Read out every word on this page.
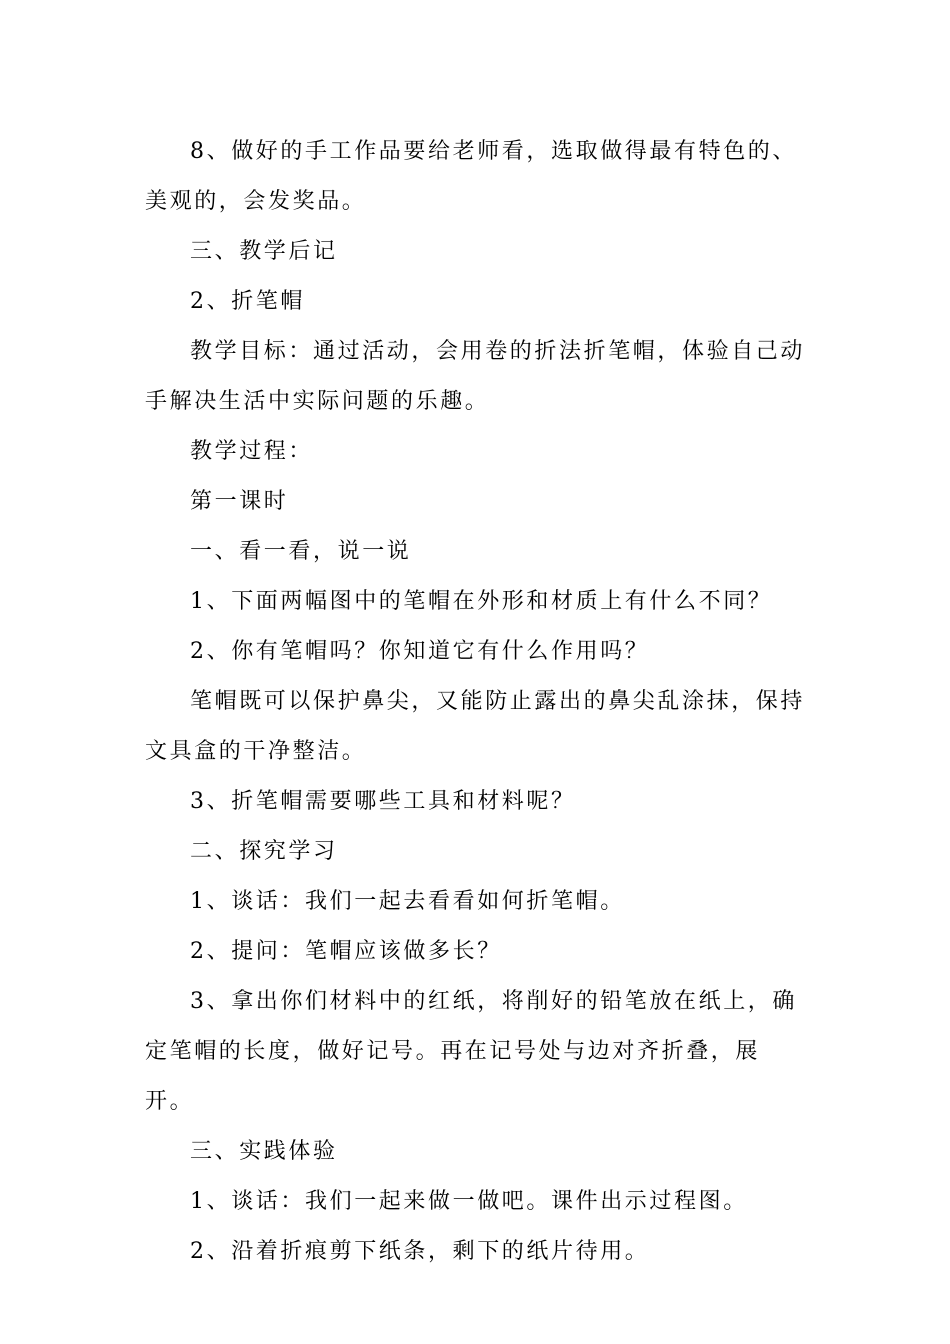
8、做好的手工作品要给老师看，选取做得最有特色的、美观的，会发奖品。

三、教学后记

2、折笔帽

教学目标：通过活动，会用卷的折法折笔帽，体验自己动手解决生活中实际问题的乐趣。

教学过程：

第一课时

一、看一看，说一说

1、下面两幅图中的笔帽在外形和材质上有什么不同？

2、你有笔帽吗？你知道它有什么作用吗？

笔帽既可以保护鼻尖，又能防止露出的鼻尖乱涂抹，保持文具盒的干净整洁。

3、折笔帽需要哪些工具和材料呢？

二、探究学习

1、谈话：我们一起去看看如何折笔帽。

2、提问：笔帽应该做多长？

3、拿出你们材料中的红纸，将削好的铅笔放在纸上，确定笔帽的长度，做好记号。再在记号处与边对齐折叠，展开。

三、实践体验

1、谈话：我们一起来做一做吧。课件出示过程图。

2、沿着折痕剪下纸条，剩下的纸片待用。
